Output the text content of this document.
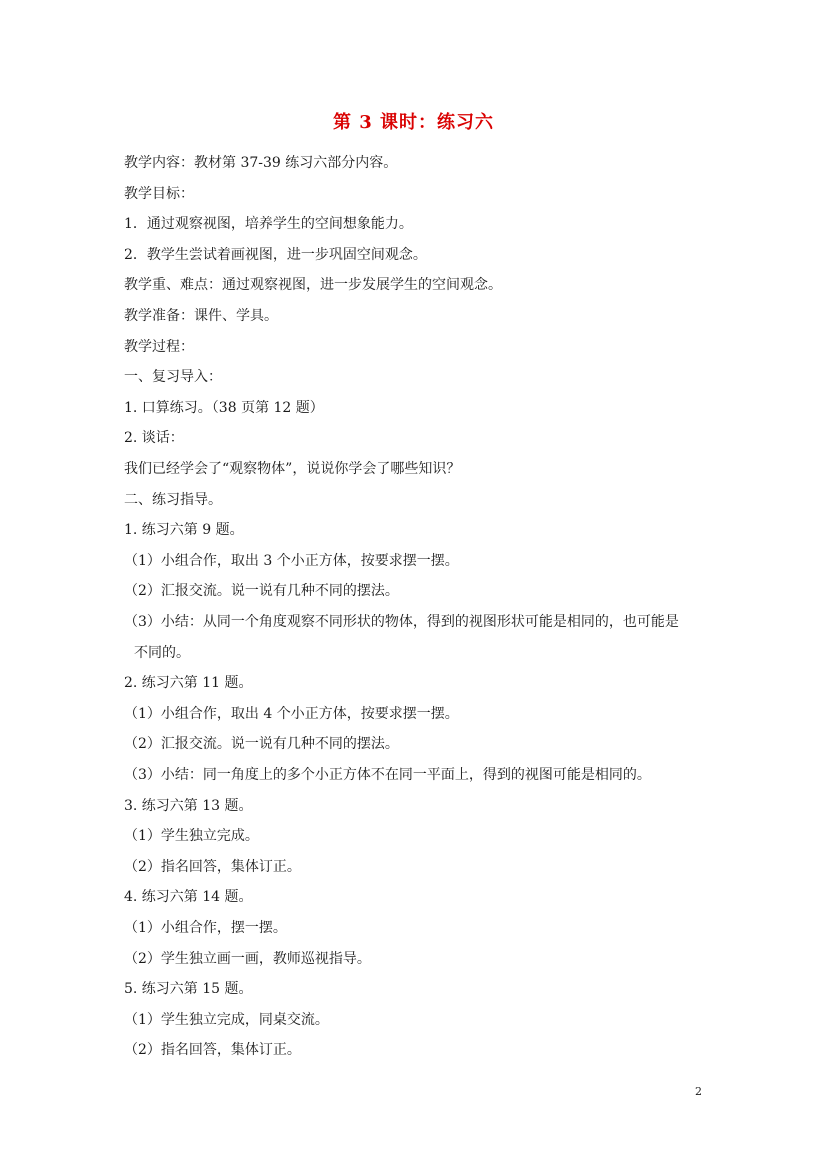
第 3 课时：练习六
教学内容：教材第 37-39 练习六部分内容。
教学目标：
1．通过观察视图，培养学生的空间想象能力。
2．教学生尝试着画视图，进一步巩固空间观念。
教学重、难点：通过观察视图，进一步发展学生的空间观念。
教学准备：课件、学具。
教学过程：
一、复习导入：
1. 口算练习。（38 页第 12 题）
2. 谈话：
我们已经学会了“观察物体”，说说你学会了哪些知识？
二、练习指导。
1. 练习六第 9 题。
（1）小组合作，取出 3 个小正方体，按要求摆一摆。
（2）汇报交流。说一说有几种不同的摆法。
（3）小结：从同一个角度观察不同形状的物体，得到的视图形状可能是相同的，也可能是
不同的。
2. 练习六第 11 题。
（1）小组合作，取出 4 个小正方体，按要求摆一摆。
（2）汇报交流。说一说有几种不同的摆法。
（3）小结：同一角度上的多个小正方体不在同一平面上，得到的视图可能是相同的。
3. 练习六第 13 题。
（1）学生独立完成。
（2）指名回答，集体订正。
4. 练习六第 14 题。
（1）小组合作，摆一摆。
（2）学生独立画一画，教师巡视指导。
5. 练习六第 15 题。
（1）学生独立完成，同桌交流。
（2）指名回答，集体订正。
2
